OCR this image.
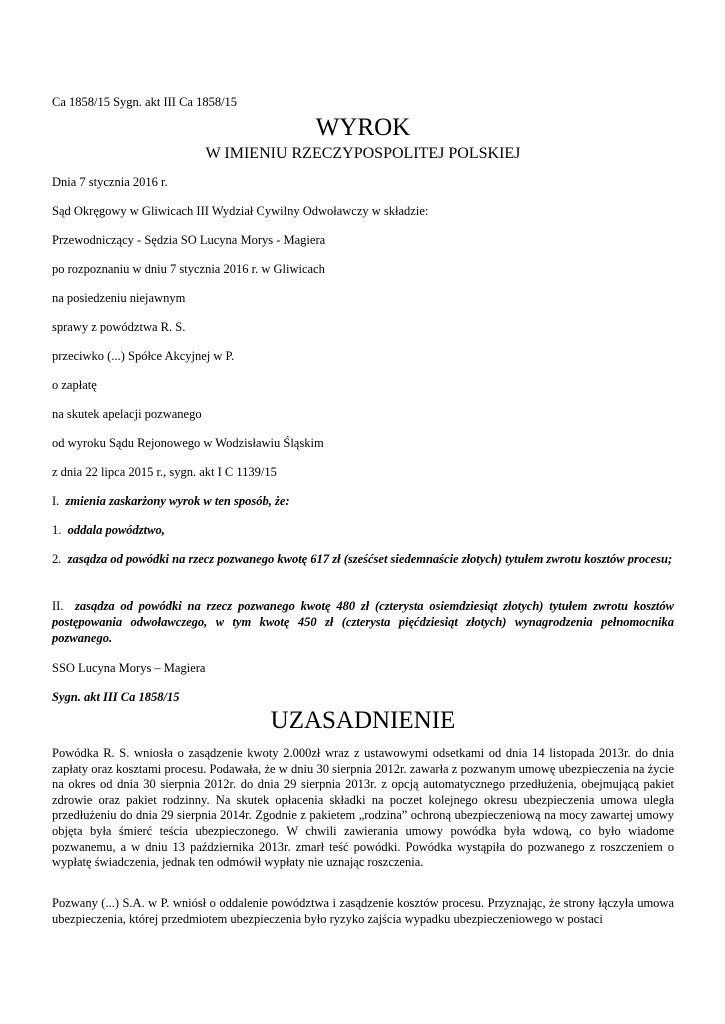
Ca 1858/15 Sygn. akt III Ca 1858/15
WYROK
W IMIENIU RZECZYPOSPOLITEJ POLSKIEJ
Dnia 7 stycznia 2016 r.
Sąd Okręgowy w Gliwicach III Wydział Cywilny Odwoławczy w składzie:
Przewodniczący - Sędzia SO Lucyna Morys - Magiera
po rozpoznaniu w dniu 7 stycznia 2016 r. w Gliwicach
na posiedzeniu niejawnym
sprawy z powództwa R. S.
przeciwko (...) Spółce Akcyjnej w P.
o zapłatę
na skutek apelacji pozwanego
od wyroku Sądu Rejonowego w Wodzisławiu Śląskim
z dnia 22 lipca 2015 r., sygn. akt I C 1139/15
I. zmienia zaskarżony wyrok w ten sposób, że:
1. oddala powództwo,
2. zasądza od powódki na rzecz pozwanego kwotę 617 zł (sześćset siedemnaście złotych) tytułem zwrotu kosztów procesu;
II. zasądza od powódki na rzecz pozwanego kwotę 480 zł (czterysta osiemdziesiąt złotych) tytułem zwrotu kosztów postępowania odwoławczego, w tym kwotę 450 zł (czterysta pięćdziesiąt złotych) wynagrodzenia pełnomocnika pozwanego.
SSO Lucyna Morys – Magiera
Sygn. akt III Ca 1858/15
UZASADNIENIE
Powódka R. S. wniosła o zasądzenie kwoty 2.000zł wraz z ustawowymi odsetkami od dnia 14 listopada 2013r. do dnia zapłaty oraz kosztami procesu. Podawała, że w dniu 30 sierpnia 2012r. zawarła z pozwanym umowę ubezpieczenia na życie na okres od dnia 30 sierpnia 2012r. do dnia 29 sierpnia 2013r. z opcją automatycznego przedłużenia, obejmującą pakiet zdrowie oraz pakiet rodzinny. Na skutek opłacenia składki na poczet kolejnego okresu ubezpieczenia umowa uległa przedłużeniu do dnia 29 sierpnia 2014r. Zgodnie z pakietem „rodzina” ochroną ubezpieczeniową na mocy zawartej umowy objęta była śmierć teścia ubezpieczonego. W chwili zawierania umowy powódka była wdową, co było wiadome pozwanemu, a w dniu 13 października 2013r. zmarł teść powódki. Powódka wystąpiła do pozwanego z roszczeniem o wypłatę świadczenia, jednak ten odmówił wypłaty nie uznając roszczenia.
Pozwany (...) S.A. w P. wniósł o oddalenie powództwa i zasądzenie kosztów procesu. Przyznając, że strony łączyła umowa ubezpieczenia, której przedmiotem ubezpieczenia było ryzyko zajścia wypadku ubezpieczeniowego w postaci
